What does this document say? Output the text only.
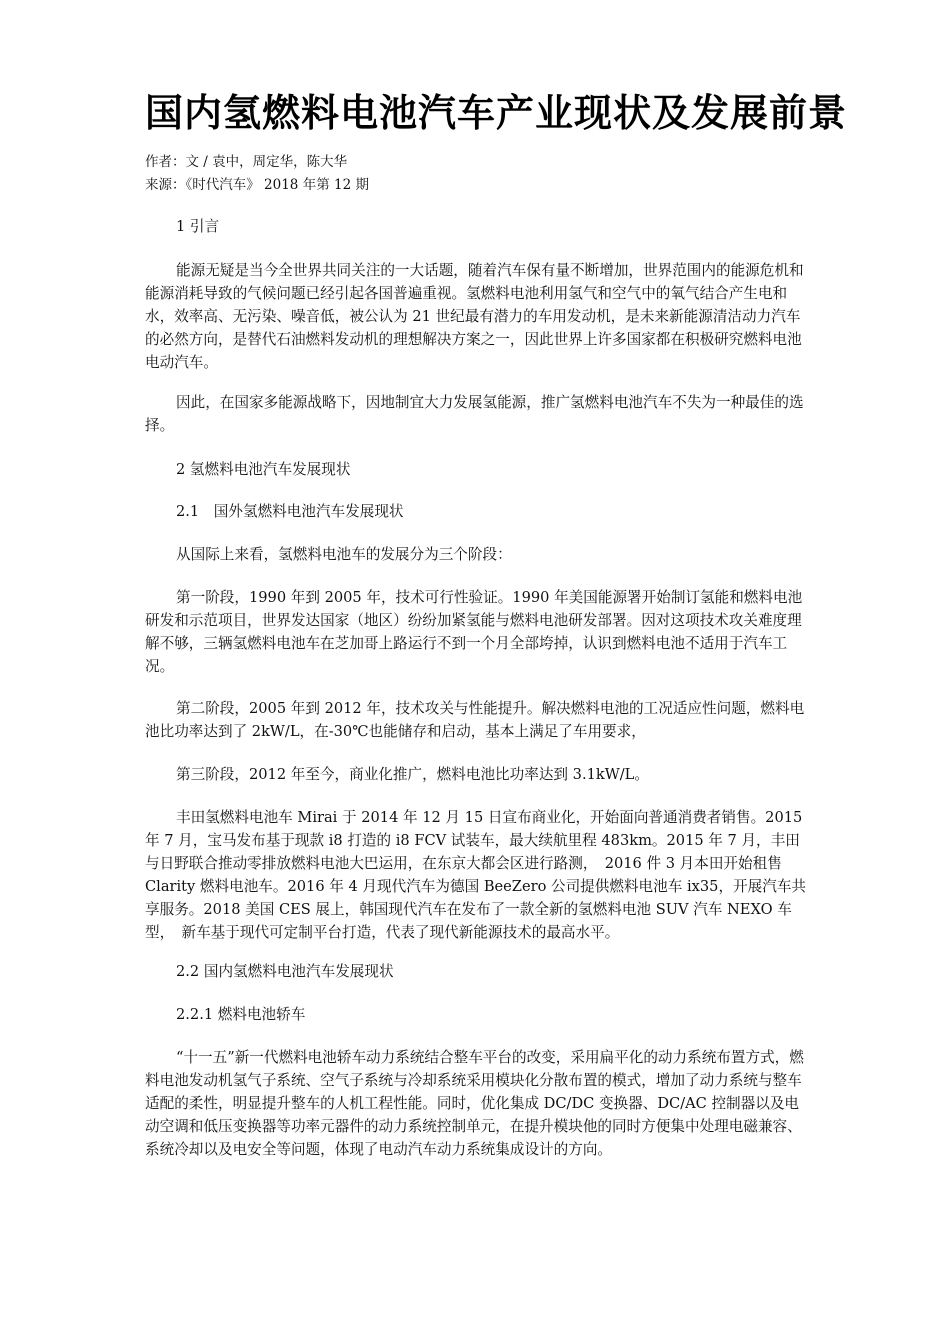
国内氢燃料电池汽车产业现状及发展前景
作者：文 / 袁中，周定华，陈大华
来源：《时代汽车》 2018 年第 12 期
1 引言
能源无疑是当今全世界共同关注的一大话题，随着汽车保有量不断增加，世界范围内的能源危机和能源消耗导致的气候问题已经引起各国普遍重视。氢燃料电池利用氢气和空气中的氧气结合产生电和水，效率高、无污染、噪音低，被公认为 21 世纪最有潜力的车用发动机，是未来新能源清洁动力汽车的必然方向，是替代石油燃料发动机的理想解决方案之一，因此世界上许多国家都在积极研究燃料电池电动汽车。
因此，在国家多能源战略下，因地制宜大力发展氢能源，推广氢燃料电池汽车不失为一种最佳的选择。
2 氢燃料电池汽车发展现状
2.1　国外氢燃料电池汽车发展现状
从国际上来看，氢燃料电池车的发展分为三个阶段：
第一阶段，1990 年到 2005 年，技术可行性验证。1990 年美国能源署开始制订氢能和燃料电池研发和示范项目，世界发达国家（地区）纷纷加紧氢能与燃料电池研发部署。因对这项技术攻关难度理解不够，三辆氢燃料电池车在芝加哥上路运行不到一个月全部垮掉，认识到燃料电池不适用于汽车工况。
第二阶段，2005 年到 2012 年，技术攻关与性能提升。解决燃料电池的工况适应性问题，燃料电池比功率达到了 2kW/L，在-30℃也能储存和启动，基本上满足了车用要求，
第三阶段，2012 年至今，商业化推广，燃料电池比功率达到 3.1kW/L。
丰田氢燃料电池车 Mirai 于 2014 年 12 月 15 日宣布商业化，开始面向普通消费者销售。2015 年 7 月，宝马发布基于现款 i8 打造的 i8 FCV 试装车，最大续航里程 483km。2015 年 7 月，丰田与日野联合推动零排放燃料电池大巴运用，在东京大都会区进行路测，　2016 件 3 月本田开始租售 Clarity 燃料电池车。2016 年 4 月现代汽车为德国 BeeZero 公司提供燃料电池车 ix35，开展汽车共享服务。2018 美国 CES 展上，韩国现代汽车在发布了一款全新的氢燃料电池 SUV 汽车 NEXO 车型，　新车基于现代可定制平台打造，代表了现代新能源技术的最高水平。
2.2 国内氢燃料电池汽车发展现状
2.2.1 燃料电池轿车
“十一五”新一代燃料电池轿车动力系统结合整车平台的改变，采用扁平化的动力系统布置方式，燃料电池发动机氢气子系统、空气子系统与冷却系统采用模块化分散布置的模式，增加了动力系统与整车适配的柔性，明显提升整车的人机工程性能。同时，优化集成 DC/DC 变换器、DC/AC 控制器以及电动空调和低压变换器等功率元器件的动力系统控制单元，在提升模块他的同时方便集中处理电磁兼容、系统冷却以及电安全等问题，体现了电动汽车动力系统集成设计的方向。
